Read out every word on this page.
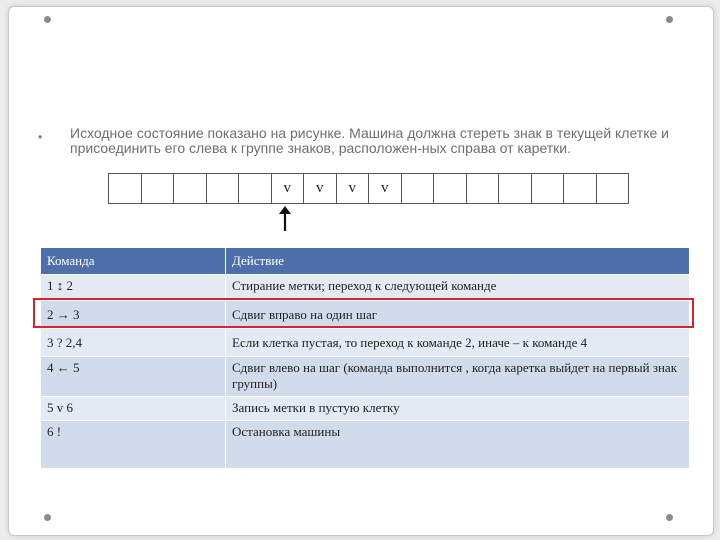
• Исходное состояние показано на рисунке. Машина должна стереть знак в текущей клетке и присоединить его слева к группе знаков, расположен-ных справа от каретки.
v	v	v	v
Команда	Действие
1 ↕ 2	Стирание метки; переход к следующей команде
2 → 3	Сдвиг вправо на один шаг
3 ? 2,4	Если клетка пустая, то переход к команде 2, иначе – к команде 4
4 ← 5	Сдвиг влево на шаг (команда выполнится , когда каретка выйдет на первый знак группы)
5 v 6	Запись метки в пустую клетку
6 !	Остановка машины
